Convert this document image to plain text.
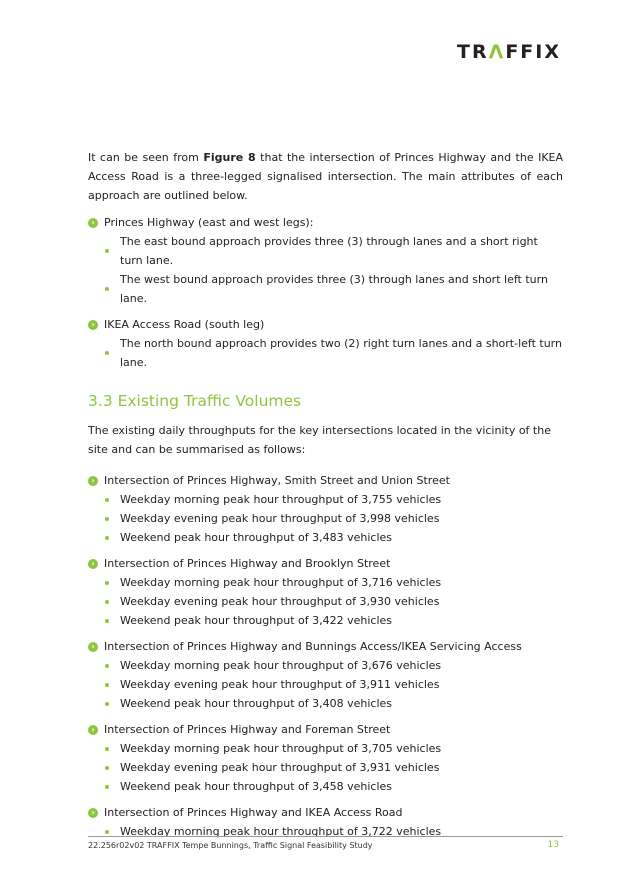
TRΛFFIX

It can be seen from Figure 8 that the intersection of Princes Highway and the IKEA Access Road is a three-legged signalised intersection. The main attributes of each approach are outlined below.

› Princes Highway (east and west legs):
The east bound approach provides three (3) through lanes and a short right turn lane.
The west bound approach provides three (3) through lanes and short left turn lane.
› IKEA Access Road (south leg)
The north bound approach provides two (2) right turn lanes and a short-left turn lane.
3.3 Existing Traffic Volumes

The existing daily throughputs for the key intersections located in the vicinity of the site and can be summarised as follows:

› Intersection of Princes Highway, Smith Street and Union Street
Weekday morning peak hour throughput of 3,755 vehicles
Weekday evening peak hour throughput of 3,998 vehicles
Weekend peak hour throughput of 3,483 vehicles
› Intersection of Princes Highway and Brooklyn Street
Weekday morning peak hour throughput of 3,716 vehicles
Weekday evening peak hour throughput of 3,930 vehicles
Weekend peak hour throughput of 3,422 vehicles
› Intersection of Princes Highway and Bunnings Access/IKEA Servicing Access
Weekday morning peak hour throughput of 3,676 vehicles
Weekday evening peak hour throughput of 3,911 vehicles
Weekend peak hour throughput of 3,408 vehicles
› Intersection of Princes Highway and Foreman Street
Weekday morning peak hour throughput of 3,705 vehicles
Weekday evening peak hour throughput of 3,931 vehicles
Weekend peak hour throughput of 3,458 vehicles
› Intersection of Princes Highway and IKEA Access Road
Weekday morning peak hour throughput of 3,722 vehicles
22.256r02v02 TRAFFIX Tempe Bunnings, Traffic Signal Feasibility Study	13
